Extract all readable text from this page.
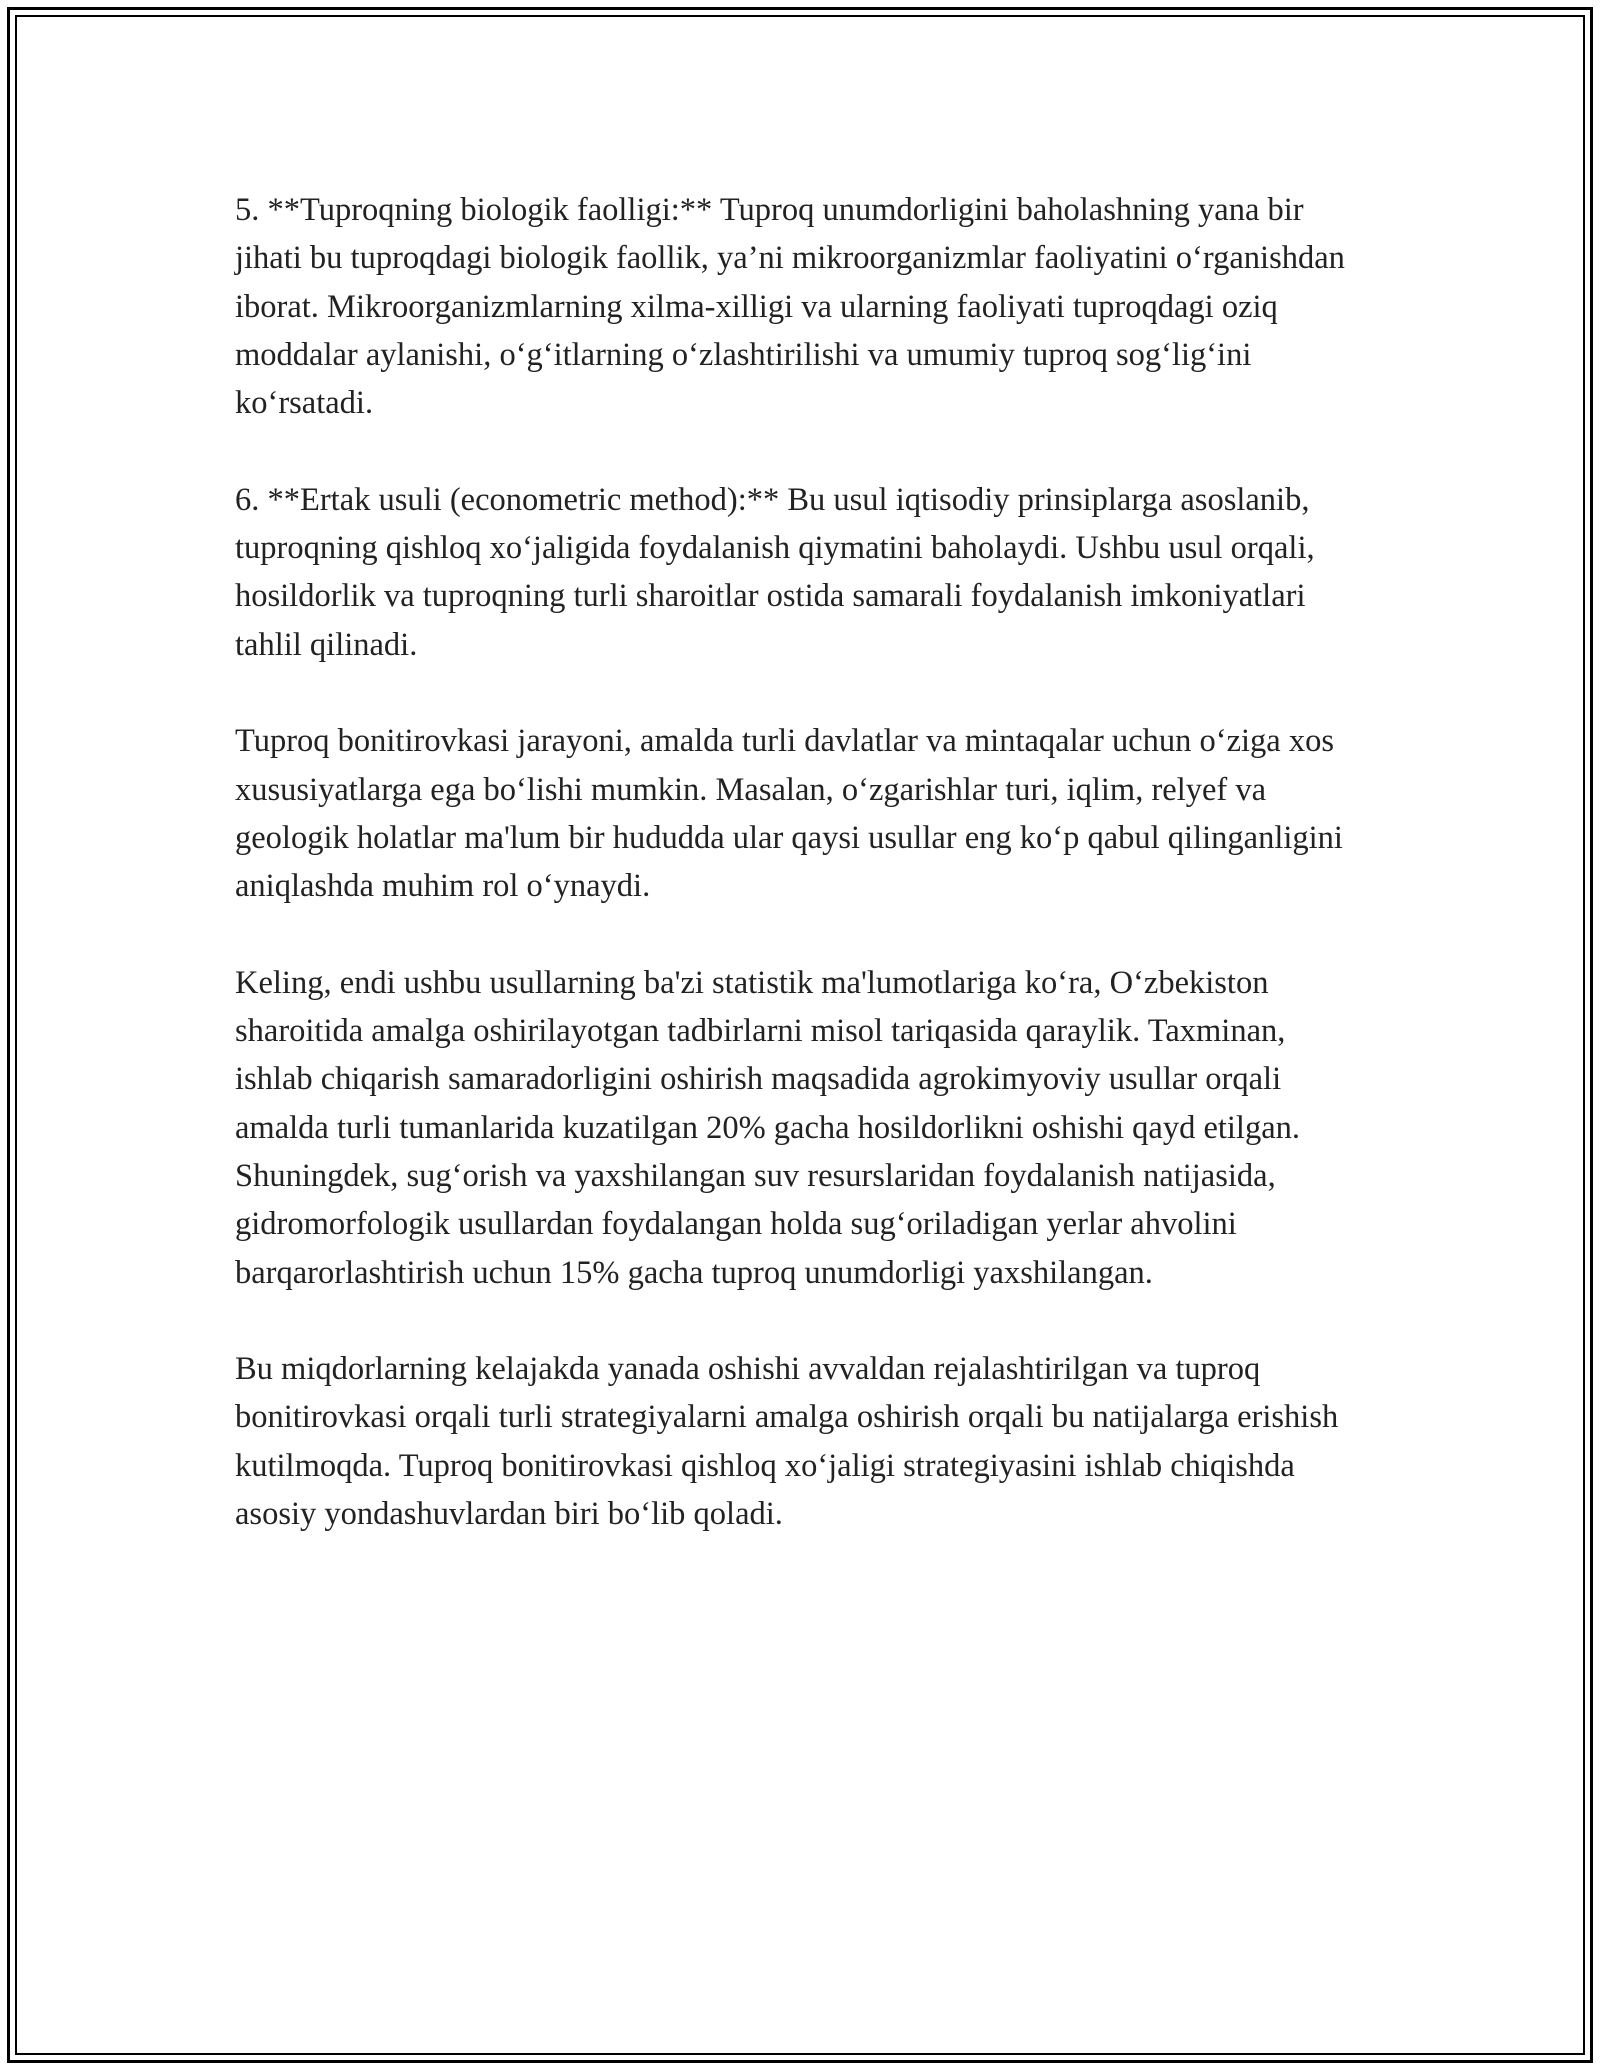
5. **Tuproqning biologik faolligi:** Tuproq unumdorligini baholashning yana bir jihati bu tuproqdagi biologik faollik, ya’ni mikroorganizmlar faoliyatini o‘rganishdan iborat. Mikroorganizmlarning xilma-xilligi va ularning faoliyati tuproqdagi oziq moddalar aylanishi, o‘g‘itlarning o‘zlashtirilishi va umumiy tuproq sog‘lig‘ini ko‘rsatadi.

6. **Ertak usuli (econometric method):** Bu usul iqtisodiy prinsiplarga asoslanib, tuproqning qishloq xo‘jaligida foydalanish qiymatini baholaydi. Ushbu usul orqali, hosildorlik va tuproqning turli sharoitlar ostida samarali foydalanish imkoniyatlari tahlil qilinadi.

Tuproq bonitirovkasi jarayoni, amalda turli davlatlar va mintaqalar uchun o‘ziga xos xususiyatlarga ega bo‘lishi mumkin. Masalan, o‘zgarishlar turi, iqlim, relyef va geologik holatlar ma'lum bir hududda ular qaysi usullar eng ko‘p qabul qilinganligini aniqlashda muhim rol o‘ynaydi.

Keling, endi ushbu usullarning ba'zi statistik ma'lumotlariga ko‘ra, O‘zbekiston sharoitida amalga oshirilayotgan tadbirlarni misol tariqasida qaraylik. Taxminan, ishlab chiqarish samaradorligini oshirish maqsadida agrokimyoviy usullar orqali amalda turli tumanlarida kuzatilgan 20% gacha hosildorlikni oshishi qayd etilgan. Shuningdek, sug‘orish va yaxshilangan suv resurslaridan foydalanish natijasida, gidromorfologik usullardan foydalangan holda sug‘oriladigan yerlar ahvolini barqarorlashtirish uchun 15% gacha tuproq unumdorligi yaxshilangan.

Bu miqdorlarning kelajakda yanada oshishi avvaldan rejalashtirilgan va tuproq bonitirovkasi orqali turli strategiyalarni amalga oshirish orqali bu natijalarga erishish kutilmoqda. Tuproq bonitirovkasi qishloq xo‘jaligi strategiyasini ishlab chiqishda asosiy yondashuvlardan biri bo‘lib qoladi.
